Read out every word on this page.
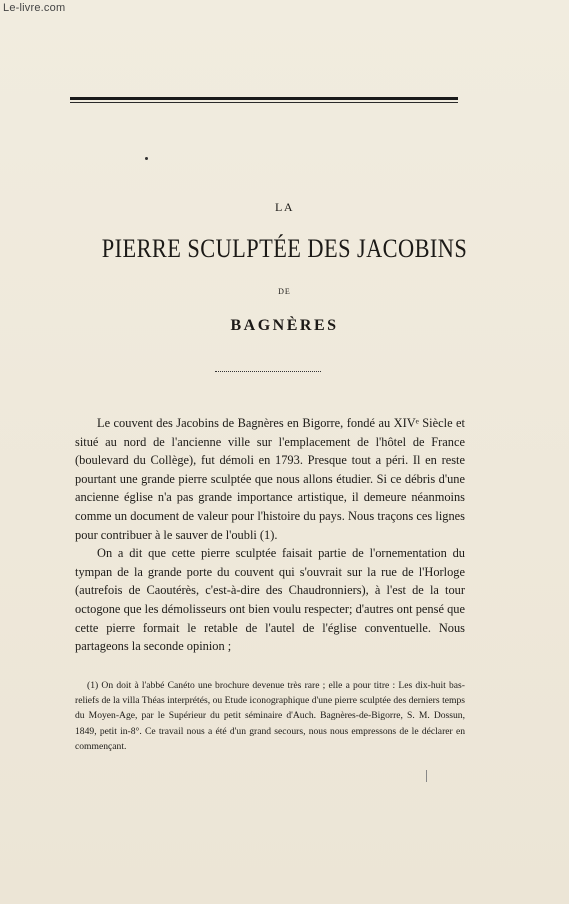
Le-livre.com
LA
PIERRE SCULPTÉE DES JACOBINS
DE
BAGNÈRES

Le couvent des Jacobins de Bagnères en Bigorre, fondé au XIVᵉ Siècle et situé au nord de l'ancienne ville sur l'emplacement de l'hôtel de France (boulevard du Collège), fut démoli en 1793. Presque tout a péri. Il en reste pourtant une grande pierre sculptée que nous allons étudier. Si ce débris d'une ancienne église n'a pas grande importance artistique, il demeure néanmoins comme un document de valeur pour l'histoire du pays. Nous traçons ces lignes pour contribuer à le sauver de l'oubli (1).

On a dit que cette pierre sculptée faisait partie de l'ornementation du tympan de la grande porte du couvent qui s'ouvrait sur la rue de l'Horloge (autrefois de Caoutérès, c'est-à-dire des Chaudronniers), à l'est de la tour octogone que les démolisseurs ont bien voulu respecter; d'autres ont pensé que cette pierre formait le retable de l'autel de l'église conventuelle. Nous partageons la seconde opinion ;

(1) On doit à l'abbé Canéto une brochure devenue très rare ; elle a pour titre : Les dix-huit bas-reliefs de la villa Théas interprétés, ou Etude iconographique d'une pierre sculptée des derniers temps du Moyen-Age, par le Supérieur du petit séminaire d'Auch. Bagnères-de-Bigorre, S. M. Dossun, 1849, petit in-8°. Ce travail nous a été d'un grand secours, nous nous empressons de le déclarer en commençant.
